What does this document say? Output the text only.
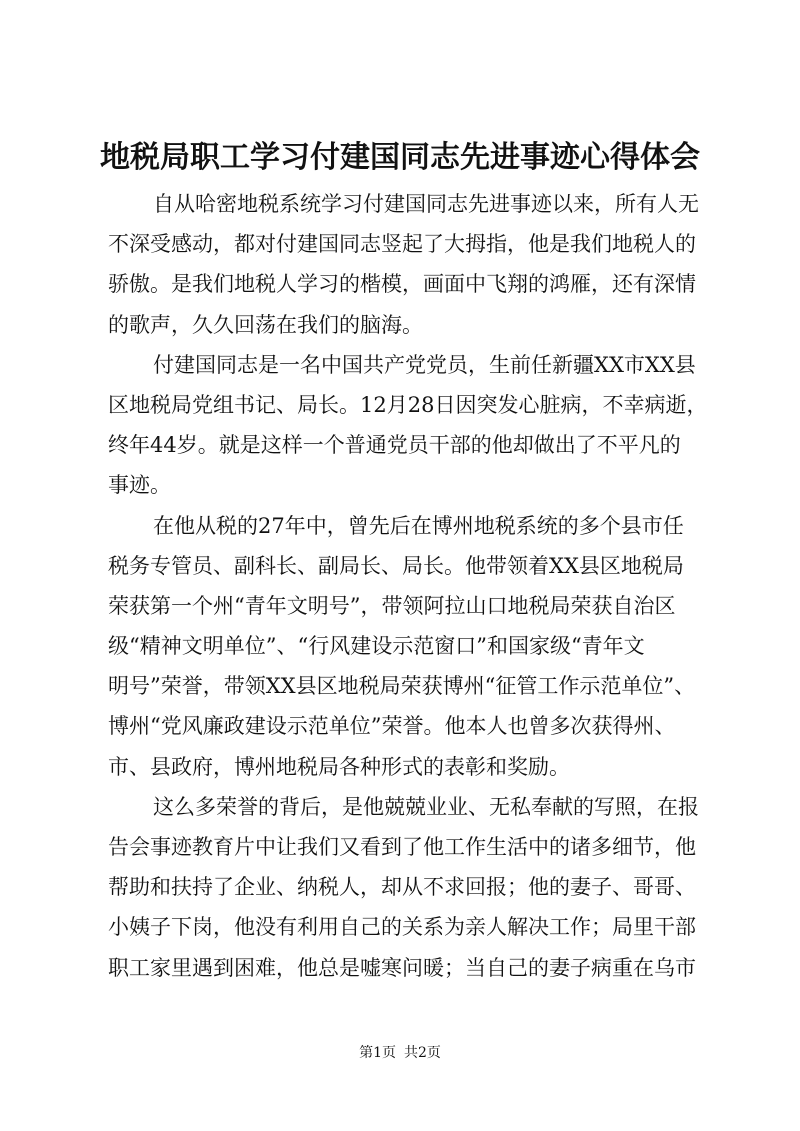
地税局职工学习付建国同志先进事迹心得体会
自从哈密地税系统学习付建国同志先进事迹以来，所有人无
不深受感动，都对付建国同志竖起了大拇指，他是我们地税人的
骄傲。是我们地税人学习的楷模，画面中飞翔的鸿雁，还有深情
的歌声，久久回荡在我们的脑海。
付建国同志是一名中国共产党党员，生前任新疆XX市XX县
区地税局党组书记、局长。12月28日因突发心脏病，不幸病逝，
终年44岁。就是这样一个普通党员干部的他却做出了不平凡的
事迹。
在他从税的27年中，曾先后在博州地税系统的多个县市任
税务专管员、副科长、副局长、局长。他带领着XX县区地税局
荣获第一个州“青年文明号”，带领阿拉山口地税局荣获自治区
级“精神文明单位”、“行风建设示范窗口”和国家级“青年文
明号”荣誉，带领XX县区地税局荣获博州“征管工作示范单位”、
博州“党风廉政建设示范单位”荣誉。他本人也曾多次获得州、
市、县政府，博州地税局各种形式的表彰和奖励。
这么多荣誉的背后，是他兢兢业业、无私奉献的写照，在报
告会事迹教育片中让我们又看到了他工作生活中的诸多细节，他
帮助和扶持了企业、纳税人，却从不求回报；他的妻子、哥哥、
小姨子下岗，他没有利用自己的关系为亲人解决工作；局里干部
职工家里遇到困难，他总是嘘寒问暖；当自己的妻子病重在乌市
第1页 共2页
